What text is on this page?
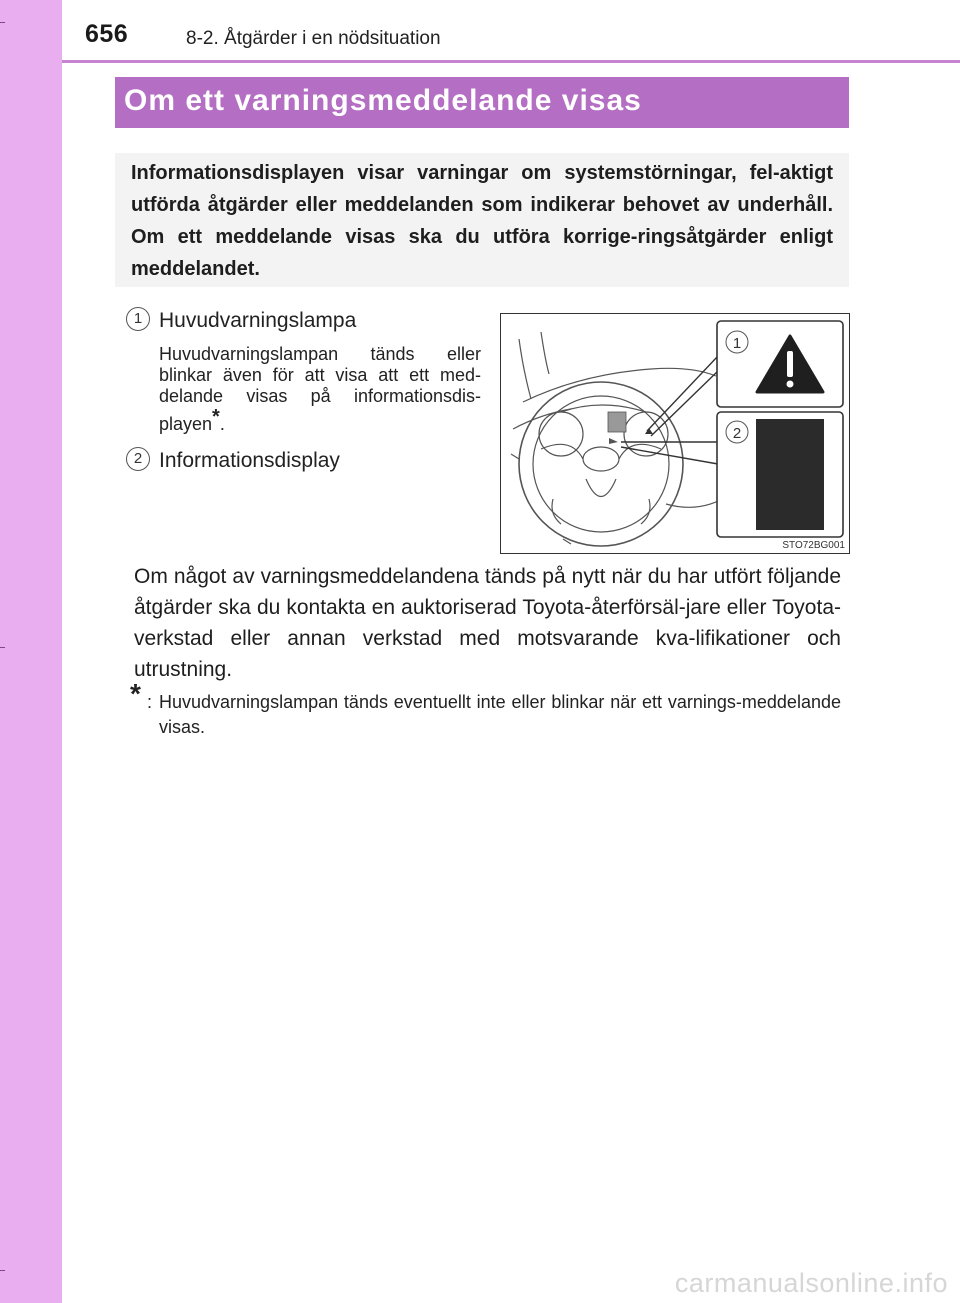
656	8-2. Åtgärder i en nödsituation
Om ett varningsmeddelande visas
Informationsdisplayen visar varningar om systemstörningar, fel-aktigt utförda åtgärder eller meddelanden som indikerar behovet av underhåll. Om ett meddelande visas ska du utföra korrige-ringsåtgärder enligt meddelandet.
1 Huvudvarningslampa
Huvudvarningslampan tänds eller blinkar även för att visa att ett med-delande visas på informationsdis-playen*.
2 Informationsdisplay
1
2
STO72BG001
Om något av varningsmeddelandena tänds på nytt när du har utfört följande åtgärder ska du kontakta en auktoriserad Toyota-återförsäl-jare eller Toyota-verkstad eller annan verkstad med motsvarande kva-lifikationer och utrustning.
* : Huvudvarningslampan tänds eventuellt inte eller blinkar när ett varnings-meddelande visas.
carmanualsonline.info
